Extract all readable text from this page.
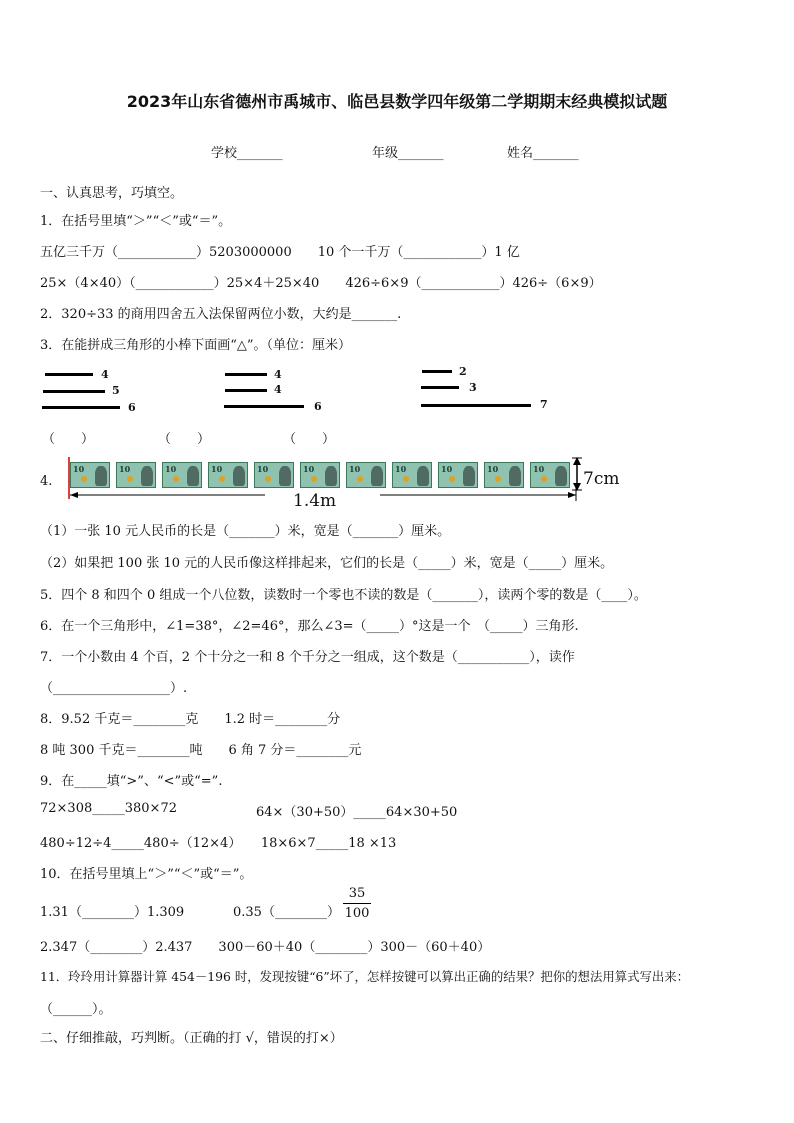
2023年山东省德州市禹城市、临邑县数学四年级第二学期期末经典模拟试题
学校_______	年级_______	姓名_______
一、认真思考，巧填空。
1．在括号里填“＞”“＜”或“＝”。
五亿三千万（____________）5203000000　　10 个一千万（____________）1 亿
25×（4×40）（____________）25×4＋25×40　　426÷6×9（____________）426÷（6×9）
2．320÷33 的商用四舍五入法保留两位小数，大约是_______.
3．在能拼成三角形的小棒下面画“△”。（单位：厘米）
4
5
6
4
4
6
2
3
7
（　　）	（　　）	（　　）
4.
10	10	10	10	10	10	10	10	10	10	10 7cm
1.4m
（1）一张 10 元人民币的长是（_______）米，宽是（_______）厘米。
（2）如果把 100 张 10 元的人民币像这样排起来，它们的长是（_____）米，宽是（_____）厘米。
5．四个 8 和四个 0 组成一个八位数，读数时一个零也不读的数是（_______），读两个零的数是（____）。
6．在一个三角形中，∠1=38°，∠2=46°，那么∠3=（_____）°这是一个　（_____）三角形.
7．一个小数由 4 个百，2 个十分之一和 8 个千分之一组成，这个数是（___________），读作
（__________________）.
8．9.52 千克＝________克　　1.2 时＝________分
8 吨 300 千克＝________吨　　6 角 7 分＝________元
9．在_____填“>”、“<”或“=”.
72×308_____380×72	64×（30+50）_____64×30+50
480÷12÷4_____480÷（12×4）　　18×6×7_____18 ×13
10．在括号里填上“＞”“＜”或“＝”。
1.31（________）1.309	0.35（________）
35
100
2.347（________）2.437　　300－60＋40（________）300－（60＋40）
11．玲玲用计算器计算 454－196 时，发现按键“6”坏了，怎样按键可以算出正确的结果？把你的想法用算式写出来：
（______）。
二、仔细推敲，巧判断。（正确的打 √，错误的打×）
